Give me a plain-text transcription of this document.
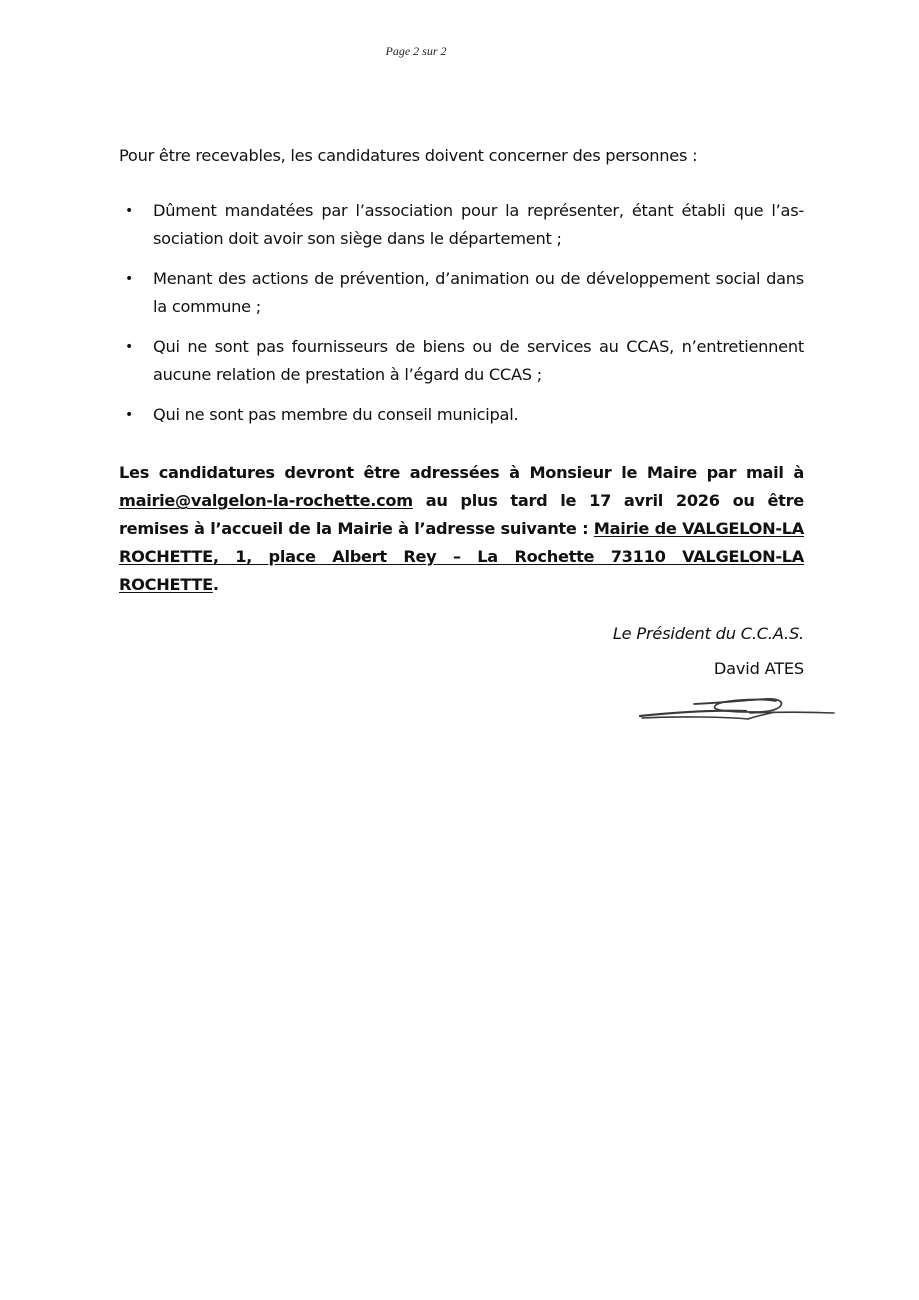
Page 2 sur 2

Pour être recevables, les candidatures doivent concerner des personnes :

• Dûment mandatées par l’association pour la représenter, étant établi que l’as-sociation doit avoir son siège dans le département ;
• Menant des actions de prévention, d’animation ou de développement social dans la commune ;
• Qui ne sont pas fournisseurs de biens ou de services au CCAS, n’entretiennent aucune relation de prestation à l’égard du CCAS ;
• Qui ne sont pas membre du conseil municipal.

Les candidatures devront être adressées à Monsieur le Maire par mail à mairie@valgelon-la-rochette.com au plus tard le 17 avril 2026 ou être remises à l’accueil de la Mairie à l’adresse suivante : Mairie de VALGELON-LA ROCHETTE, 1, place Albert Rey – La Rochette 73110 VALGELON-LA ROCHETTE.

Le Président du C.C.A.S.
David ATES
